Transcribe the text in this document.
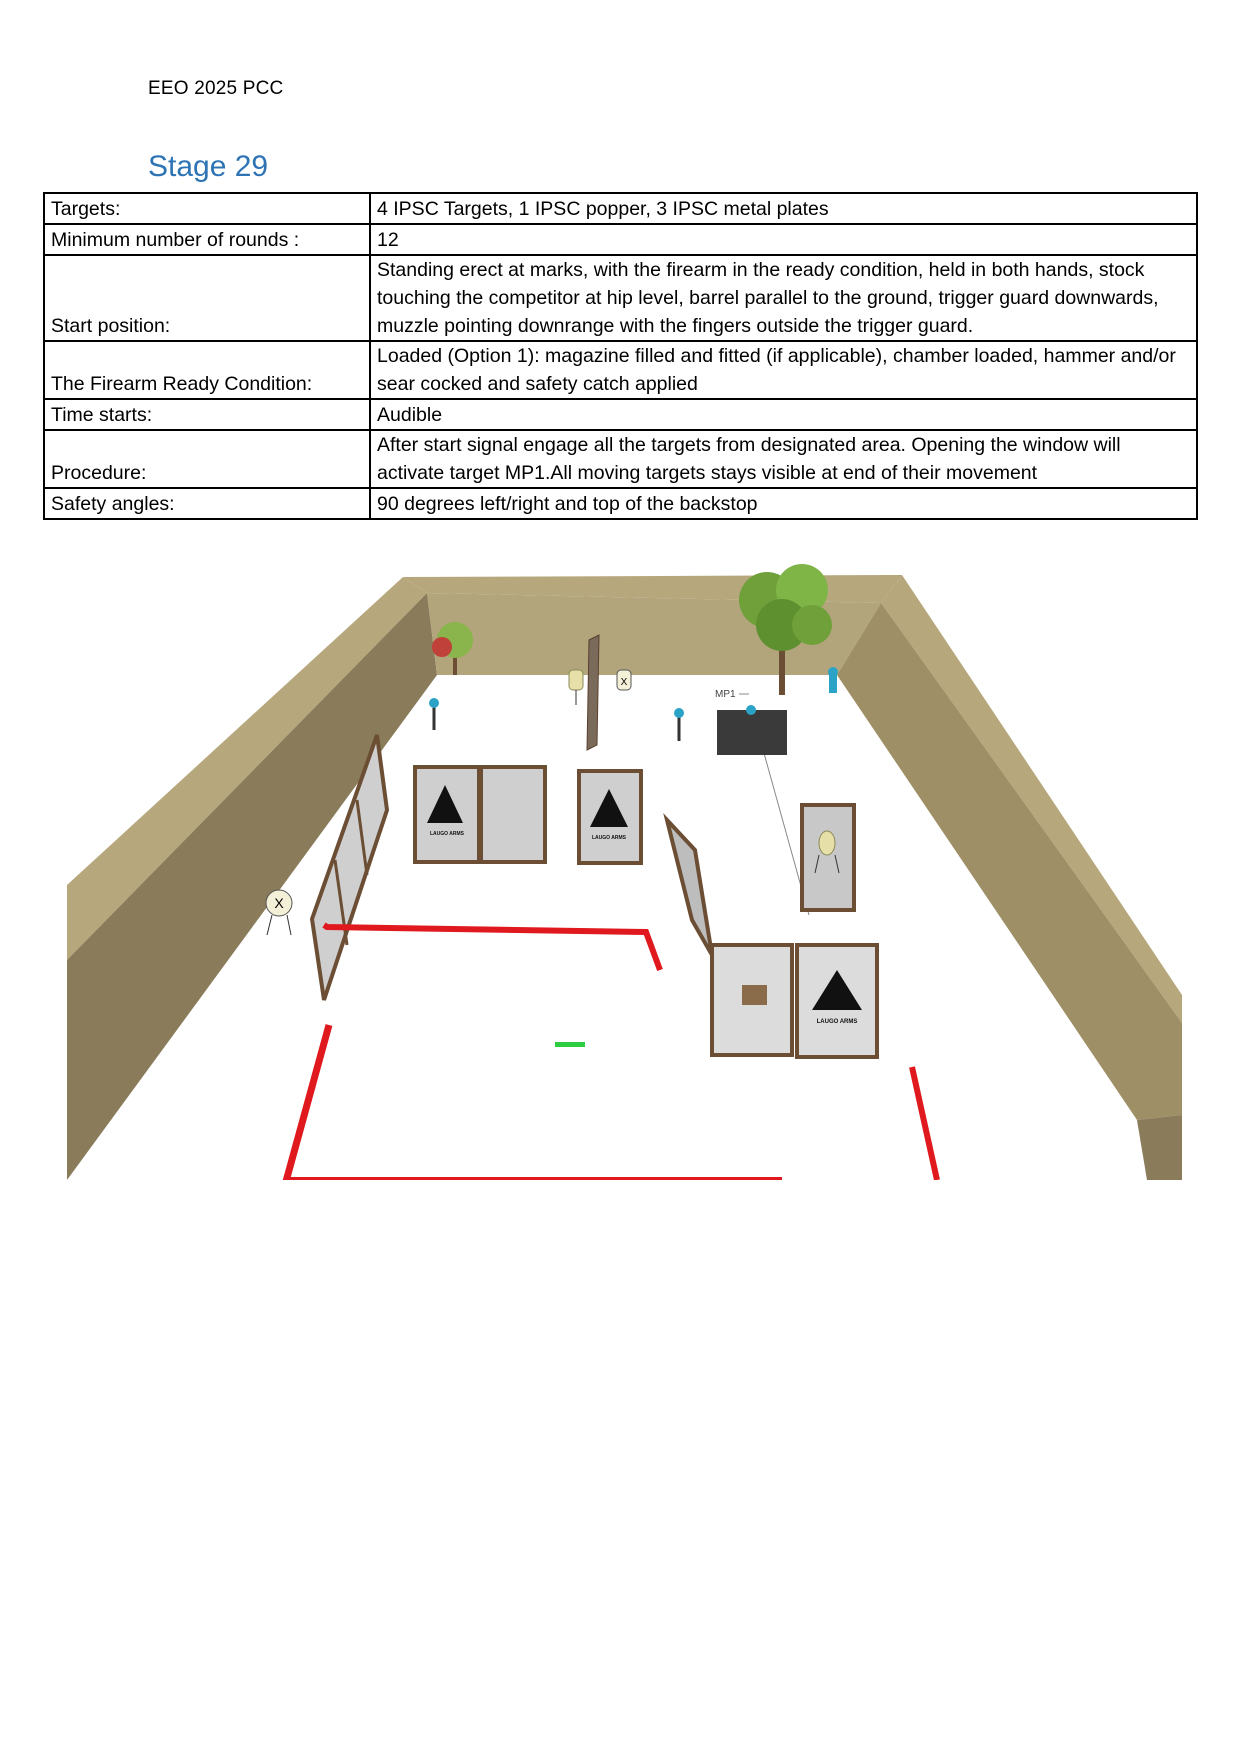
EEO 2025 PCC
Stage 29
Targets:	4 IPSC Targets, 1 IPSC popper, 3 IPSC metal plates
Minimum number of rounds :	12
Start position:	Standing erect at marks, with the firearm in the ready condition, held in both hands, stock touching the competitor at hip level, barrel parallel to the ground, trigger guard downwards, muzzle pointing downrange with the fingers outside the trigger guard.
The Firearm Ready Condition:	Loaded (Option 1): magazine filled and fitted (if applicable), chamber loaded, hammer and/or sear cocked and safety catch applied
Time starts:	Audible
Procedure:	After start signal engage all the targets from designated area. Opening the window will activate target MP1.All moving targets stays visible at end of their movement
Safety angles:	90 degrees left/right and top of the backstop
X
MP1
X
LAUGO ARMS
LAUGO ARMS
LAUGO ARMS
